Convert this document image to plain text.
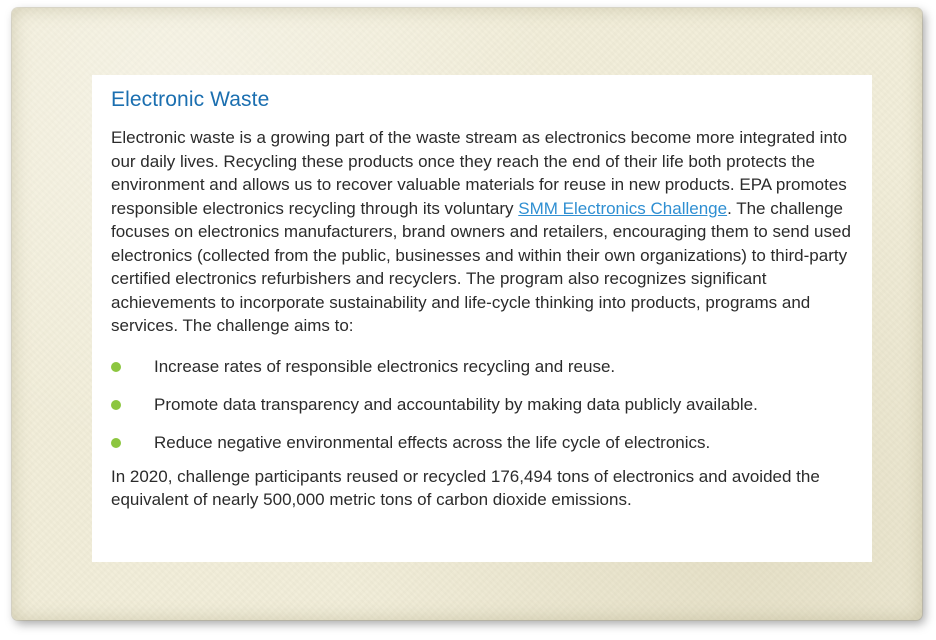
Electronic Waste

Electronic waste is a growing part of the waste stream as electronics become more integrated into our daily lives. Recycling these products once they reach the end of their life both protects the environment and allows us to recover valuable materials for reuse in new products. EPA promotes responsible electronics recycling through its voluntary SMM Electronics Challenge. The challenge focuses on electronics manufacturers, brand owners and retailers, encouraging them to send used electronics (collected from the public, businesses and within their own organizations) to third-party certified electronics refurbishers and recyclers. The program also recognizes significant achievements to incorporate sustainability and life-cycle thinking into products, programs and services. The challenge aims to:

Increase rates of responsible electronics recycling and reuse.
Promote data transparency and accountability by making data publicly available.
Reduce negative environmental effects across the life cycle of electronics.

In 2020, challenge participants reused or recycled 176,494 tons of electronics and avoided the equivalent of nearly 500,000 metric tons of carbon dioxide emissions.
